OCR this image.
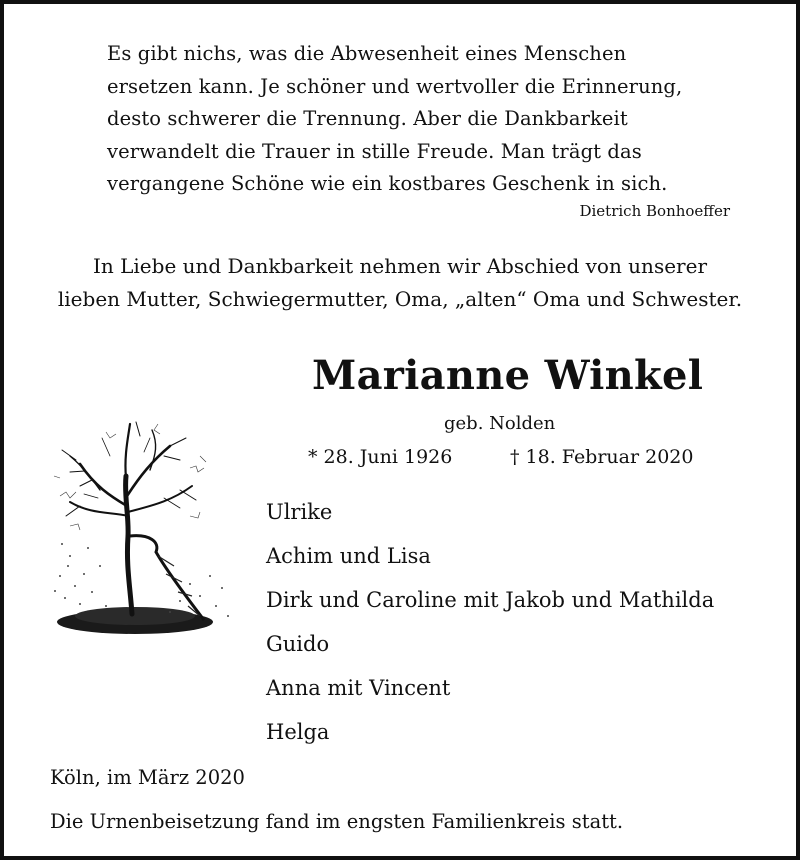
Es gibt nichs, was die Abwesenheit eines Menschen
ersetzen kann. Je schöner und wertvoller die Erinnerung,
desto schwerer die Trennung. Aber die Dankbarkeit
verwandelt die Trauer in stille Freude. Man trägt das
vergangene Schöne wie ein kostbares Geschenk in sich.
Dietrich Bonhoeffer
In Liebe und Dankbarkeit nehmen wir Abschied von unserer
lieben Mutter, Schwiegermutter, Oma, „alten“ Oma und Schwester.
Marianne Winkel
geb. Nolden
* 28. Juni 1926	† 18. Februar 2020
Ulrike
Achim und Lisa
Dirk und Caroline mit Jakob und Mathilda
Guido
Anna mit Vincent
Helga
Köln, im März 2020
Die Urnenbeisetzung fand im engsten Familienkreis statt.
